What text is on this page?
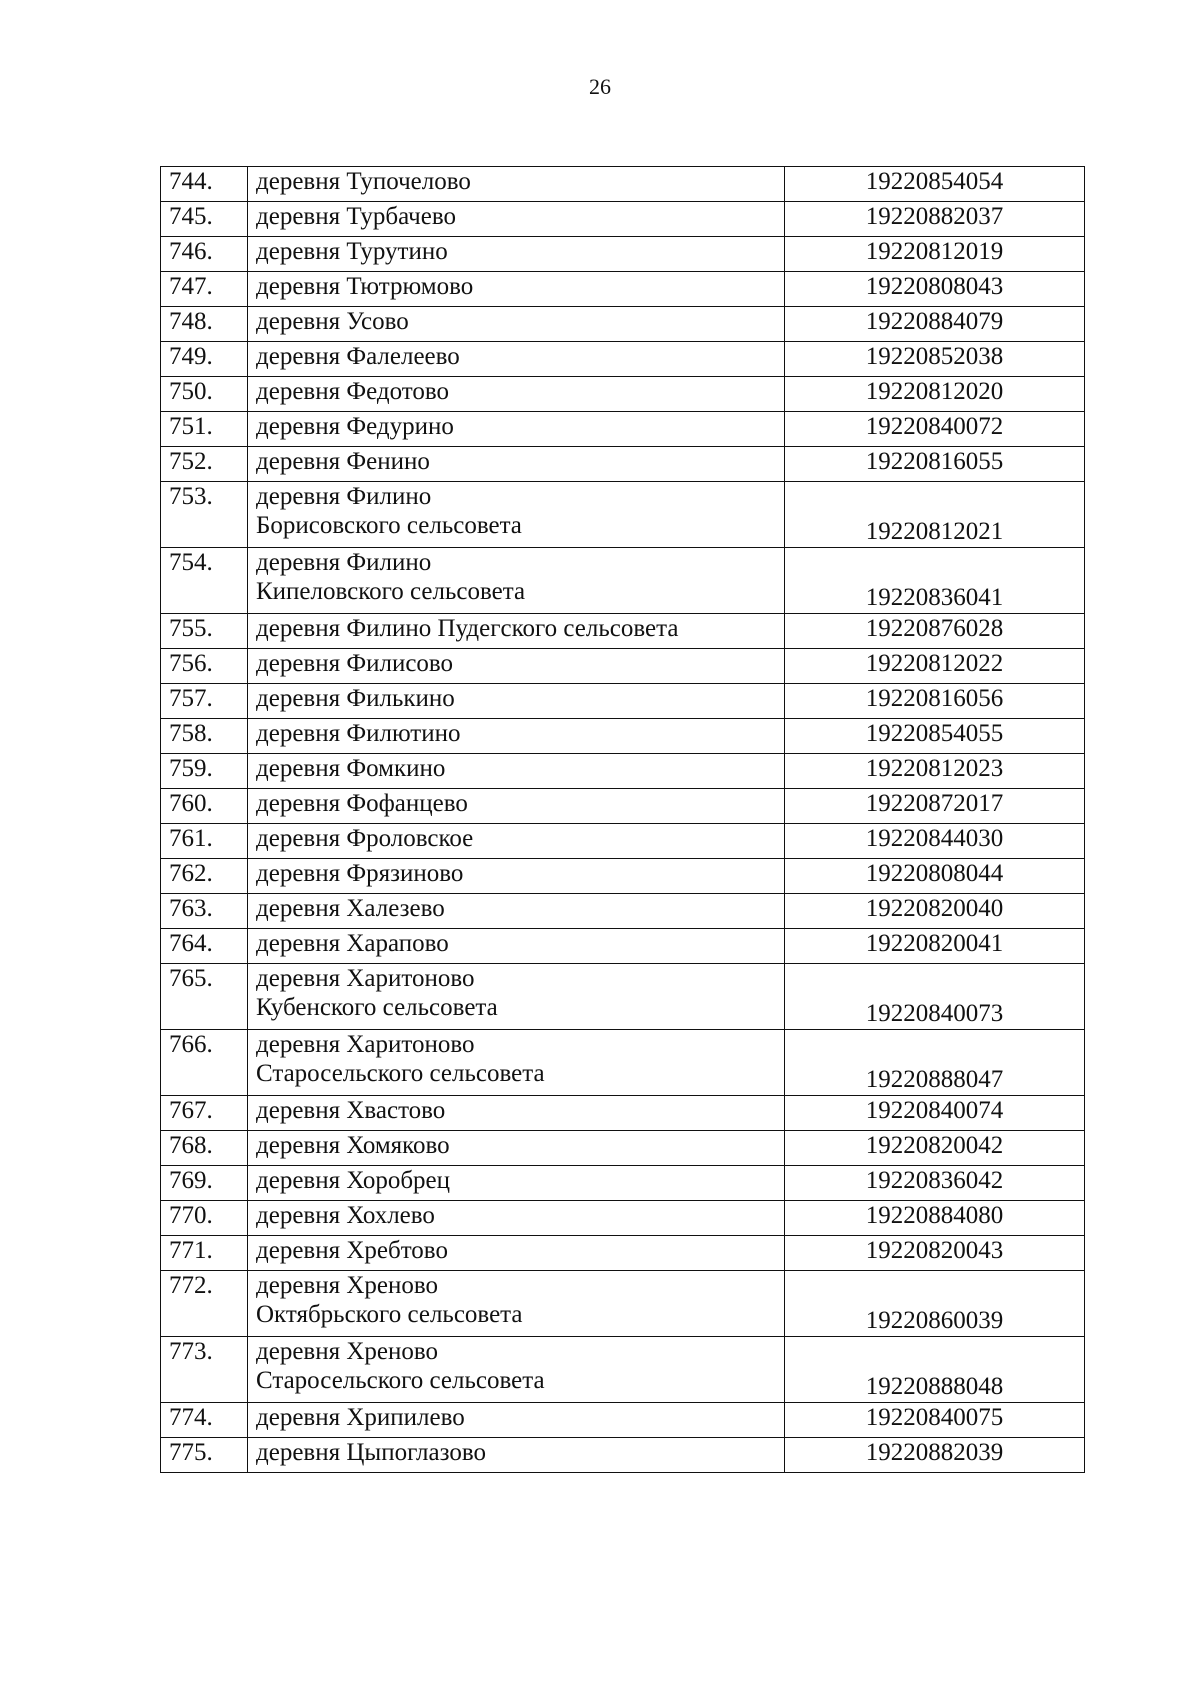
26
744.	деревня Тупочелово	19220854054
745.	деревня Турбачево	19220882037
746.	деревня Турутино	19220812019
747.	деревня Тютрюмово	19220808043
748.	деревня Усово	19220884079
749.	деревня Фалелеево	19220852038
750.	деревня Федотово	19220812020
751.	деревня Федурино	19220840072
752.	деревня Фенино	19220816055
753.	деревня Филино
Борисовского сельсовета	19220812021
754.	деревня Филино
Кипеловского сельсовета	19220836041
755.	деревня Филино Пудегского сельсовета	19220876028
756.	деревня Филисово	19220812022
757.	деревня Филькино	19220816056
758.	деревня Филютино	19220854055
759.	деревня Фомкино	19220812023
760.	деревня Фофанцево	19220872017
761.	деревня Фроловское	19220844030
762.	деревня Фрязиново	19220808044
763.	деревня Халезево	19220820040
764.	деревня Харапово	19220820041
765.	деревня Харитоново
Кубенского сельсовета	19220840073
766.	деревня Харитоново
Старосельского сельсовета	19220888047
767.	деревня Хвастово	19220840074
768.	деревня Хомяково	19220820042
769.	деревня Хоробрец	19220836042
770.	деревня Хохлево	19220884080
771.	деревня Хребтово	19220820043
772.	деревня Хреново
Октябрьского сельсовета	19220860039
773.	деревня Хреново
Старосельского сельсовета	19220888048
774.	деревня Хрипилево	19220840075
775.	деревня Цыпоглазово	19220882039
